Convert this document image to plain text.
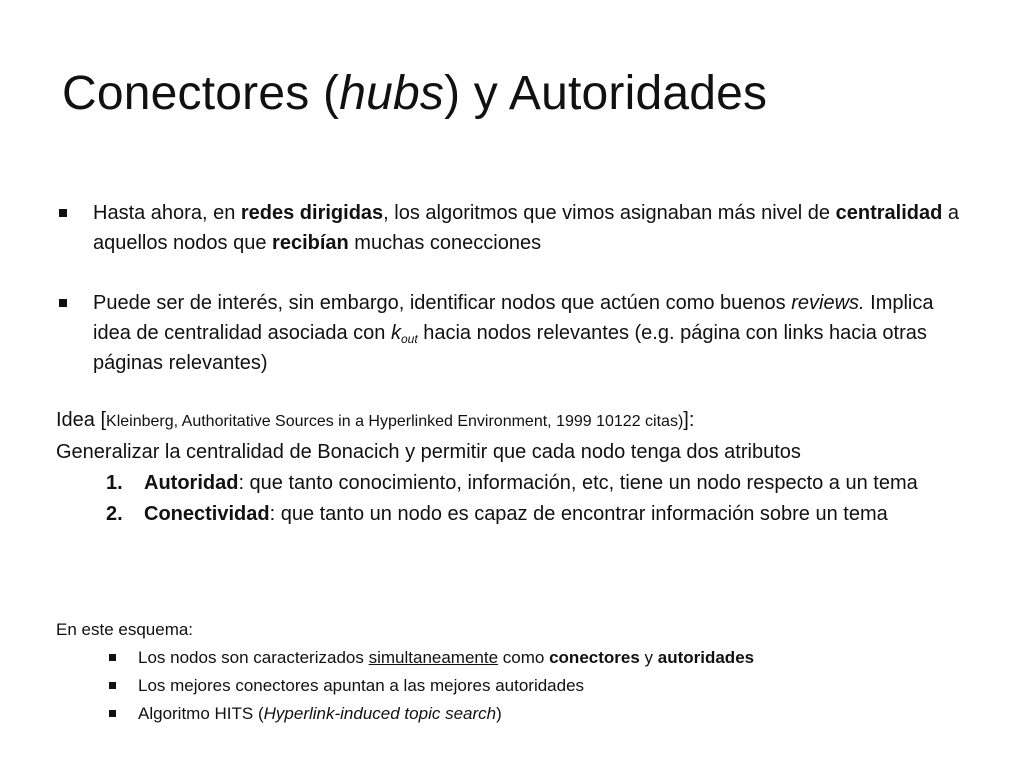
Conectores (hubs) y Autoridades

Hasta ahora, en redes dirigidas, los algoritmos que vimos asignaban más nivel de centralidad a aquellos nodos que recibían muchas conecciones

Puede ser de interés, sin embargo, identificar nodos que actúen como buenos reviews. Implica idea de centralidad asociada con $k_{out}$ hacia nodos relevantes (e.g. página con links hacia otras páginas relevantes)

Idea [Kleinberg, Authoritative Sources in a Hyperlinked Environment, 1999 10122 citas)]:
Generalizar la centralidad de Bonacich y permitir que cada nodo tenga dos atributos
1. Autoridad: que tanto conocimiento, información, etc, tiene un nodo respecto a un tema
2. Conectividad: que tanto un nodo es capaz de encontrar información sobre un tema
En este esquema:
Los nodos son caracterizados simultaneamente como conectores y autoridades
Los mejores conectores apuntan a las mejores autoridades
Algoritmo HITS (Hyperlink-induced topic search)
